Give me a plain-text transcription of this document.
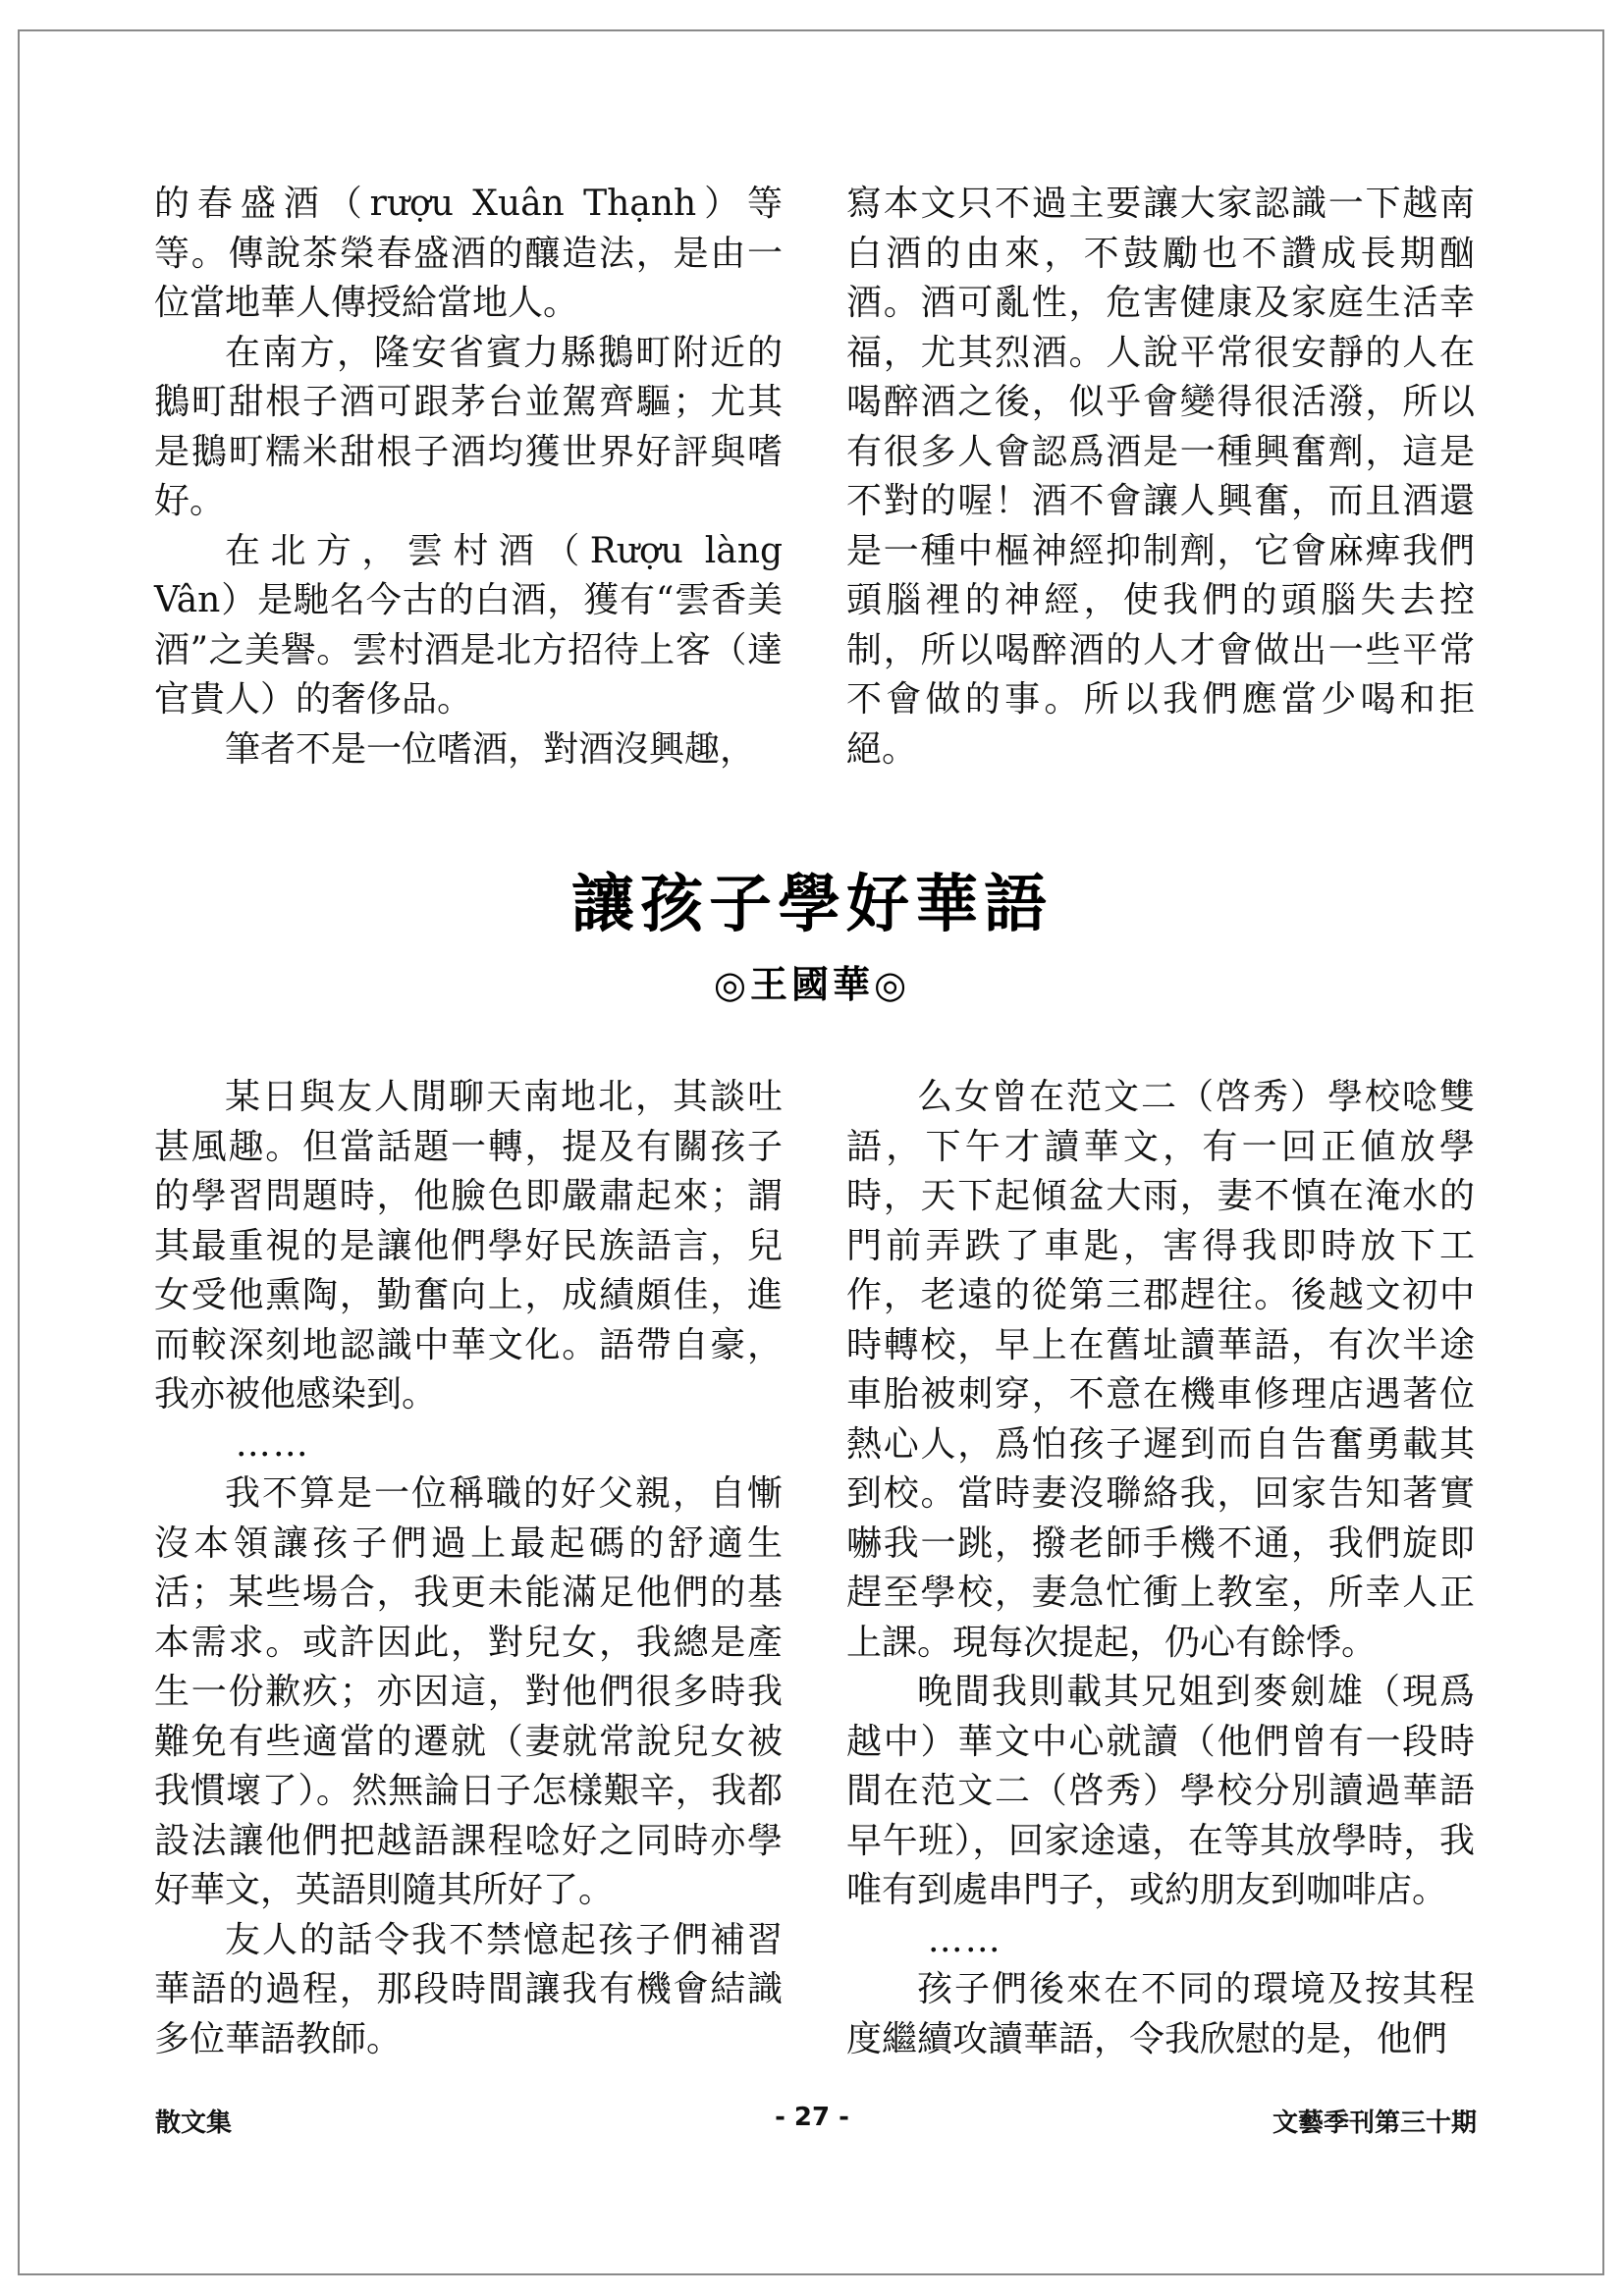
的春盛酒（rượu Xuân Thạnh）等等。傳說茶榮春盛酒的釀造法，是由一位當地華人傳授給當地人。

在南方，隆安省賓力縣鵝町附近的鵝町甜根子酒可跟茅台並駕齊驅；尤其是鵝町糯米甜根子酒均獲世界好評與嗜好。

在北方，雲村酒（Rượu làng Vân）是馳名今古的白酒，獲有“雲香美酒”之美譽。雲村酒是北方招待上客（達官貴人）的奢侈品。

筆者不是一位嗜酒，對酒沒興趣，

寫本文只不過主要讓大家認識一下越南白酒的由來，不鼓勵也不讚成長期酗酒。酒可亂性，危害健康及家庭生活幸福，尤其烈酒。人說平常很安靜的人在喝醉酒之後，似乎會變得很活潑，所以有很多人會認爲酒是一種興奮劑，這是不對的喔！酒不會讓人興奮，而且酒還是一種中樞神經抑制劑，它會麻痺我們頭腦裡的神經，使我們的頭腦失去控制，所以喝醉酒的人才會做出一些平常不會做的事。所以我們應當少喝和拒絕。

讓孩子學好華語
◎王國華◎

某日與友人閒聊天南地北，其談吐甚風趣。但當話題一轉，提及有關孩子的學習問題時，他臉色即嚴肅起來；謂其最重視的是讓他們學好民族語言，兒女受他熏陶，勤奮向上，成績頗佳，進而較深刻地認識中華文化。語帶自豪，我亦被他感染到。

……

我不算是一位稱職的好父親，自慚沒本領讓孩子們過上最起碼的舒適生活；某些場合，我更未能滿足他們的基本需求。或許因此，對兒女，我總是產生一份歉疚；亦因這，對他們很多時我難免有些適當的遷就（妻就常說兒女被我慣壞了）。然無論日子怎樣艱辛，我都設法讓他們把越語課程唸好之同時亦學好華文，英語則隨其所好了。

友人的話令我不禁憶起孩子們補習華語的過程，那段時間讓我有機會結識多位華語教師。

么女曾在范文二（啓秀）學校唸雙語，下午才讀華文，有一回正値放學時，天下起傾盆大雨，妻不慎在淹水的門前弄跌了車匙，害得我即時放下工作，老遠的從第三郡趕往。後越文初中時轉校，早上在舊址讀華語，有次半途車胎被刺穿，不意在機車修理店遇著位熱心人，爲怕孩子遲到而自告奮勇載其到校。當時妻沒聯絡我，回家告知著實嚇我一跳，撥老師手機不通，我們旋即趕至學校，妻急忙衝上教室，所幸人正上課。現每次提起，仍心有餘悸。

晚間我則載其兄姐到麥劍雄（現爲越中）華文中心就讀（他們曾有一段時間在范文二（啓秀）學校分別讀過華語早午班），回家途遠，在等其放學時，我唯有到處串門子，或約朋友到咖啡店。

……

孩子們後來在不同的環境及按其程度繼續攻讀華語，令我欣慰的是，他們

散文集	- 27 -	文藝季刊第三十期
